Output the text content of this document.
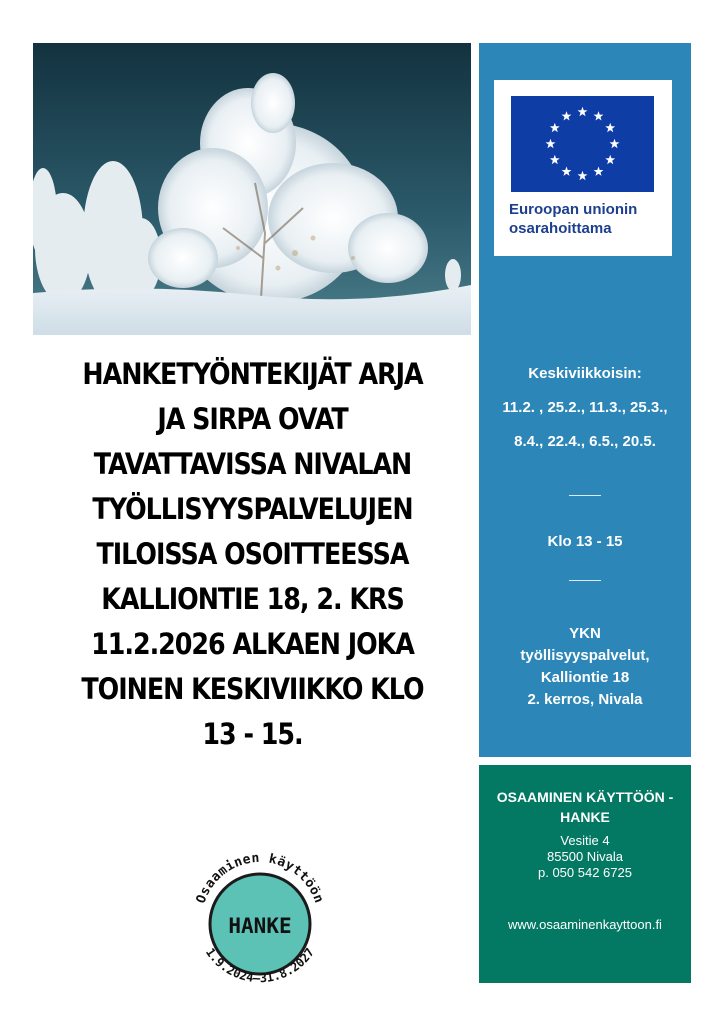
HANKETYÖNTEKIJÄT ARJA
JA SIRPA OVAT
TAVATTAVISSA NIVALAN
TYÖLLISYYSPALVELUJEN
TILOISSA OSOITTEESSA
KALLIONTIE 18, 2. KRS
11.2.2026 ALKAEN JOKA
TOINEN KESKIVIIKKO KLO
13 - 15.
Euroopan unionin
osarahoittama
Keskiviikkoisin:
11.2. , 25.2., 11.3., 25.3.,
8.4., 22.4., 6.5., 20.5.
Klo 13 - 15
YKN
työllisyyspalvelut,
Kalliontie 18
2. kerros, Nivala
OSAAMINEN KÄYTTÖÖN -
HANKE
Vesitie 4
85500 Nivala
p. 050 542 6725
www.osaaminenkayttoon.fi
Osaaminen käyttöön
HANKE
1.9.2024–31.8.2027
